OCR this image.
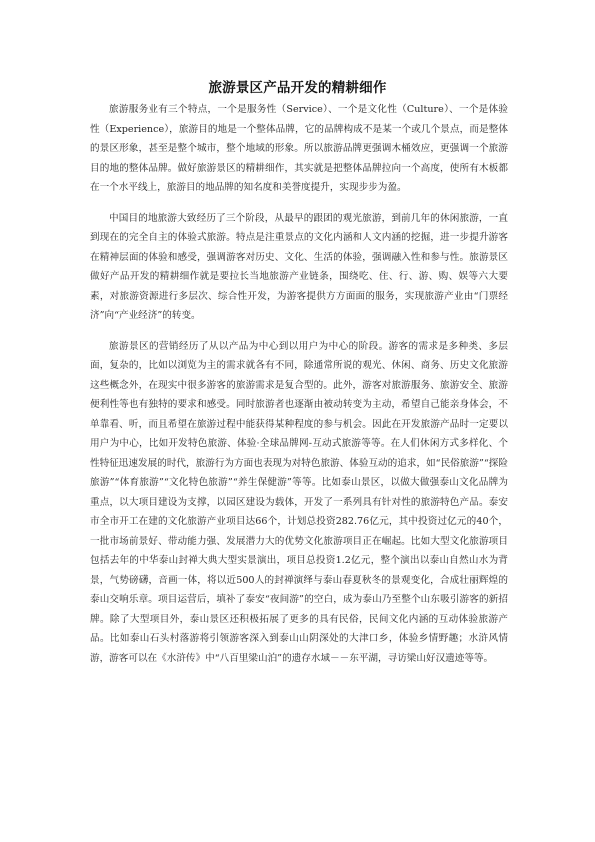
旅游景区产品开发的精耕细作

旅游服务业有三个特点，一个是服务性（Service）、一个是文化性（Culture）、一个是体验性（Experience），旅游目的地是一个整体品牌，它的品牌构成不是某一个或几个景点，而是整体的景区形象，甚至是整个城市，整个地域的形象。所以旅游品牌更强调木桶效应，更强调一个旅游目的地的整体品牌。做好旅游景区的精耕细作，其实就是把整体品牌拉向一个高度，使所有木板都在一个水平线上，旅游目的地品牌的知名度和美誉度提升，实现步步为盈。

中国目的地旅游大致经历了三个阶段，从最早的跟团的观光旅游，到前几年的休闲旅游，一直到现在的完全自主的体验式旅游。特点是注重景点的文化内涵和人文内涵的挖掘，进一步提升游客在精神层面的体验和感受，强调游客对历史、文化、生活的体验，强调融入性和参与性。旅游景区做好产品开发的精耕细作就是要拉长当地旅游产业链条，围绕吃、住、行、游、购、娱等六大要素，对旅游资源进行多层次、综合性开发，为游客提供方方面面的服务，实现旅游产业由“门票经济”向“产业经济”的转变。

旅游景区的营销经历了从以产品为中心到以用户为中心的阶段。游客的需求是多种类、多层面，复杂的，比如以浏览为主的需求就各有不同，除通常所说的观光、休闲、商务、历史文化旅游这些概念外，在现实中很多游客的旅游需求是复合型的。此外，游客对旅游服务、旅游安全、旅游便利性等也有独特的要求和感受。同时旅游者也逐渐由被动转变为主动，希望自己能亲身体会，不单靠看、听，而且希望在旅游过程中能获得某种程度的参与机会。因此在开发旅游产品时一定要以用户为中心，比如开发特色旅游、体验·全球品牌网-互动式旅游等等。在人们休闲方式多样化、个性特征迅速发展的时代，旅游行为方面也表现为对特色旅游、体验互动的追求，如“民俗旅游”“探险旅游”“体育旅游”“文化特色旅游”“养生保健游”等等。比如泰山景区，以做大做强泰山文化品牌为重点，以大项目建设为支撑，以园区建设为载体，开发了一系列具有针对性的旅游特色产品。泰安市全市开工在建的文化旅游产业项目达66个，计划总投资282.76亿元，其中投资过亿元的40个，一批市场前景好、带动能力强、发展潜力大的优势文化旅游项目正在崛起。比如大型文化旅游项目包括去年的中华泰山封禅大典大型实景演出，项目总投资1.2亿元，整个演出以泰山自然山水为背景，气势磅礴，音画一体，将以近500人的封禅演绎与泰山春夏秋冬的景观变化，合成壮丽辉煌的泰山交响乐章。项目运营后，填补了泰安“夜间游”的空白，成为泰山乃至整个山东吸引游客的新招牌。除了大型项目外，泰山景区还积极拓展了更多的具有民俗，民间文化内涵的互动体验旅游产品。比如泰山石头村落游将引领游客深入到泰山山阴深处的大津口乡，体验乡情野趣；水浒风情游，游客可以在《水浒传》中“八百里梁山泊”的遗存水域－－东平湖，寻访梁山好汉遗迹等等。
